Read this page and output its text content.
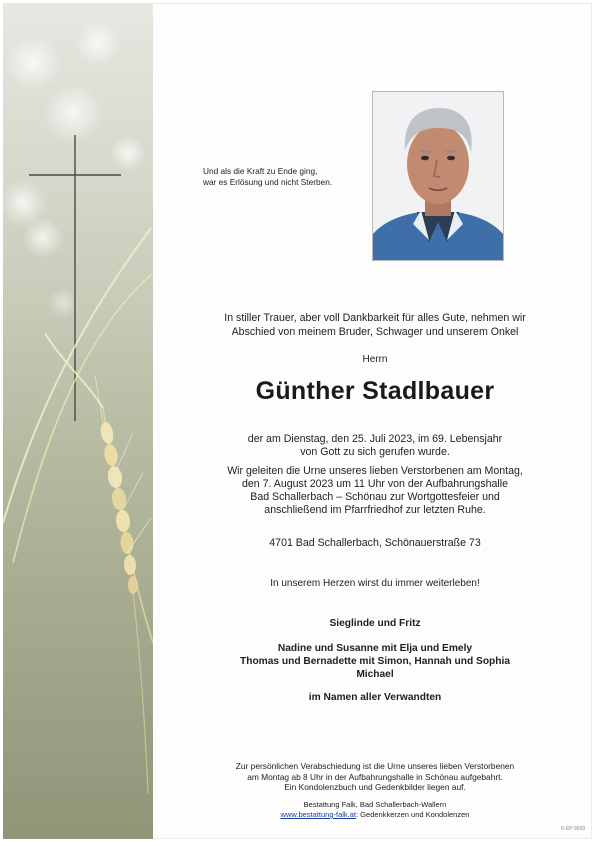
Und als die Kraft zu Ende ging,
war es Erlösung und nicht Sterben.
In stiller Trauer, aber voll Dankbarkeit für alles Gute, nehmen wir
Abschied von meinem Bruder, Schwager und unserem Onkel
Herrn
Günther Stadlbauer
der am Dienstag, den 25. Juli 2023, im 69. Lebensjahr
von Gott zu sich gerufen wurde.
Wir geleiten die Urne unseres lieben Verstorbenen am Montag,
den 7. August 2023 um 11 Uhr von der Aufbahrungshalle
Bad Schallerbach – Schönau zur Wortgottesfeier und
anschließend im Pfarrfriedhof zur letzten Ruhe.
4701 Bad Schallerbach, Schönauerstraße 73
In unserem Herzen wirst du immer weiterleben!
Sieglinde und Fritz
Nadine und Susanne mit Elja und Emely
Thomas und Bernadette mit Simon, Hannah und Sophia
Michael
im Namen aller Verwandten
Zur persönlichen Verabschiedung ist die Urne unseres lieben Verstorbenen
am Montag ab 8 Uhr in der Aufbahrungshalle in Schönau aufgebahrt.
Ein Kondolenzbuch und Gedenkbilder liegen auf.
Bestattung Falk, Bad Schallerbach-Wallern
www.bestattung-falk.at: Gedenkkerzen und Kondolenzen
© EP 9039
